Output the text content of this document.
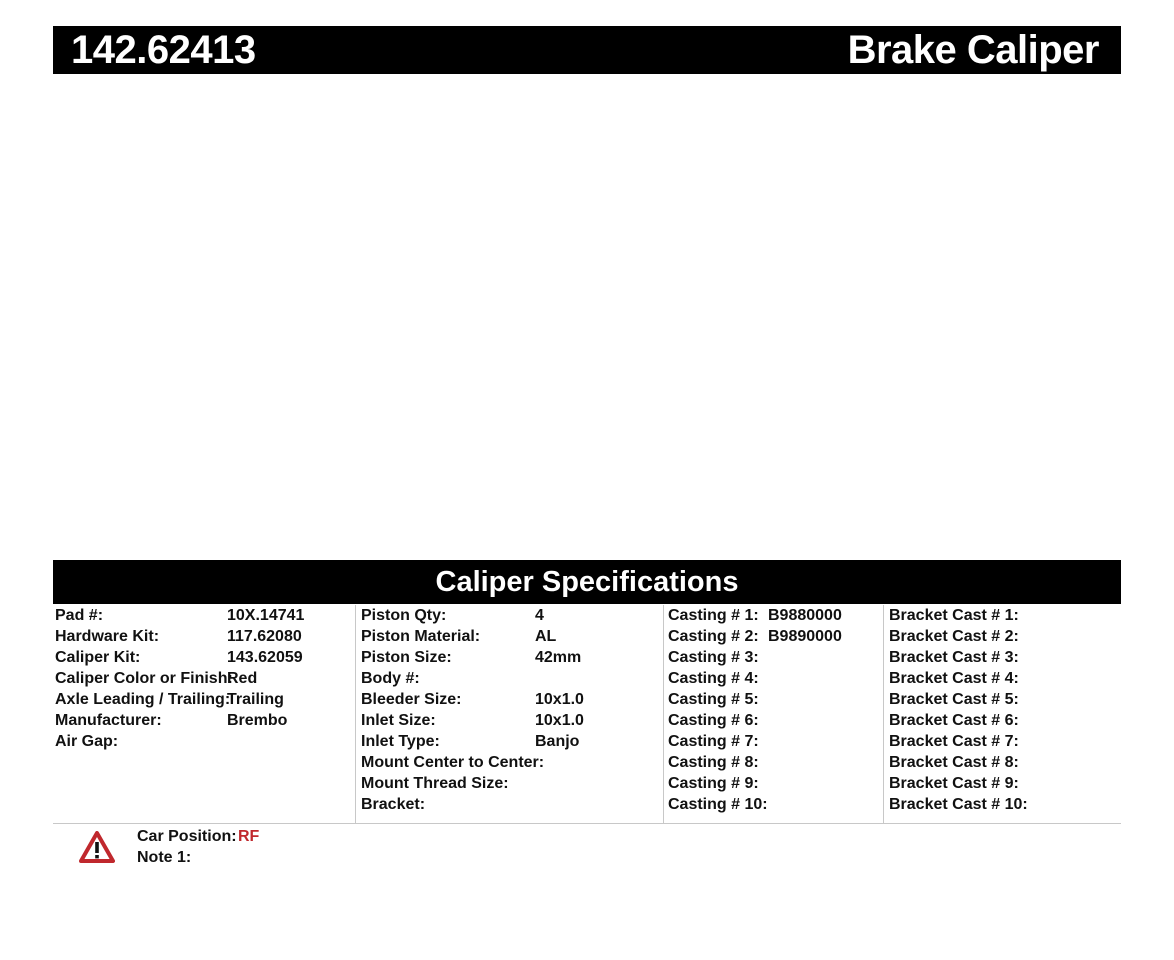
142.62413	Brake Caliper
Caliper Specifications
Pad #:	10X.14741
Hardware Kit:	117.62080
Caliper Kit:	143.62059
Caliper Color or Finish:
Red
Axle Leading / Trailing:
Trailing
Manufacturer:	Brembo
Air Gap:
Piston Qty:	4
Piston Material:	AL
Piston Size:	42mm
Body #:
Bleeder Size:	10x1.0
Inlet Size:	10x1.0
Inlet Type:	Banjo
Mount Center to Center:
Mount Thread Size:
Bracket:
Casting # 1: B9880000
Casting # 2: B9890000
Casting # 3:
Casting # 4:
Casting # 5:
Casting # 6:
Casting # 7:
Casting # 8:
Casting # 9:
Casting # 10:
Bracket Cast # 1:
Bracket Cast # 2:
Bracket Cast # 3:
Bracket Cast # 4:
Bracket Cast # 5:
Bracket Cast # 6:
Bracket Cast # 7:
Bracket Cast # 8:
Bracket Cast # 9:
Bracket Cast # 10:
Car Position: RF
Note 1:
